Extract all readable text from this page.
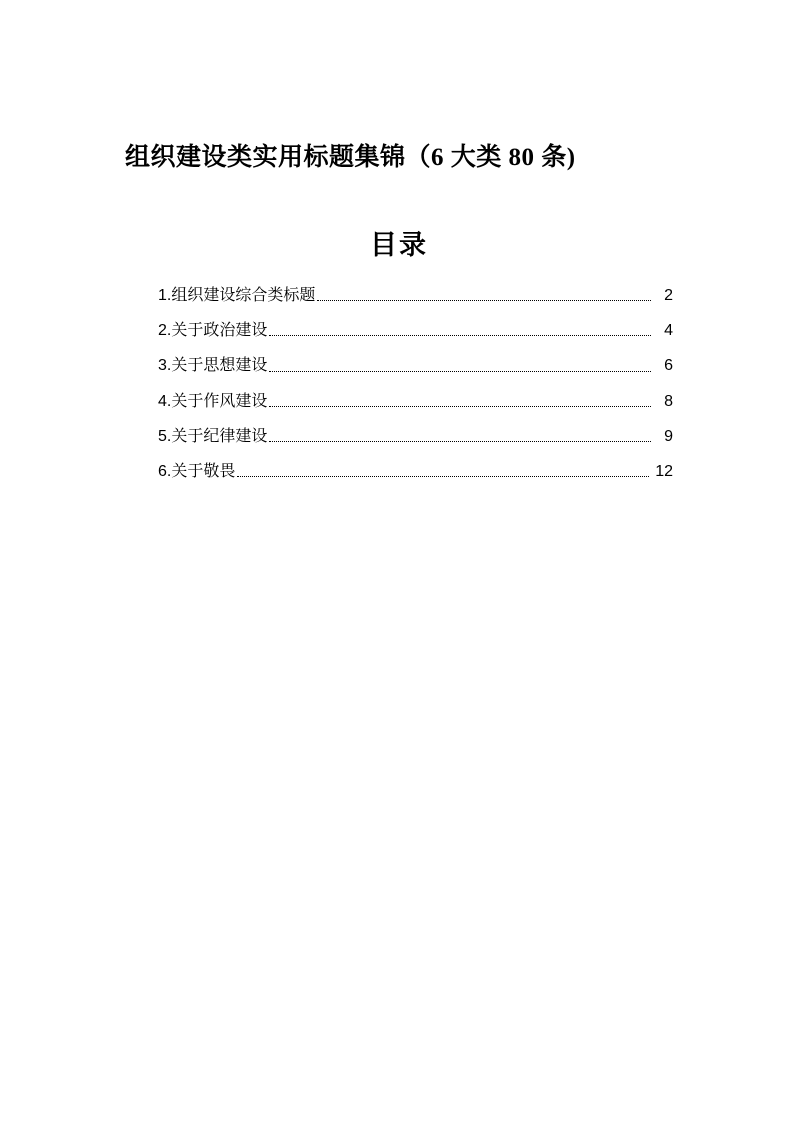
组织建设类实用标题集锦（6 大类 80 条)
目录
1.组织建设综合类标题	2
2.关于政治建设	4
3.关于思想建设	6
4.关于作风建设	8
5.关于纪律建设	9
6.关于敬畏	12
